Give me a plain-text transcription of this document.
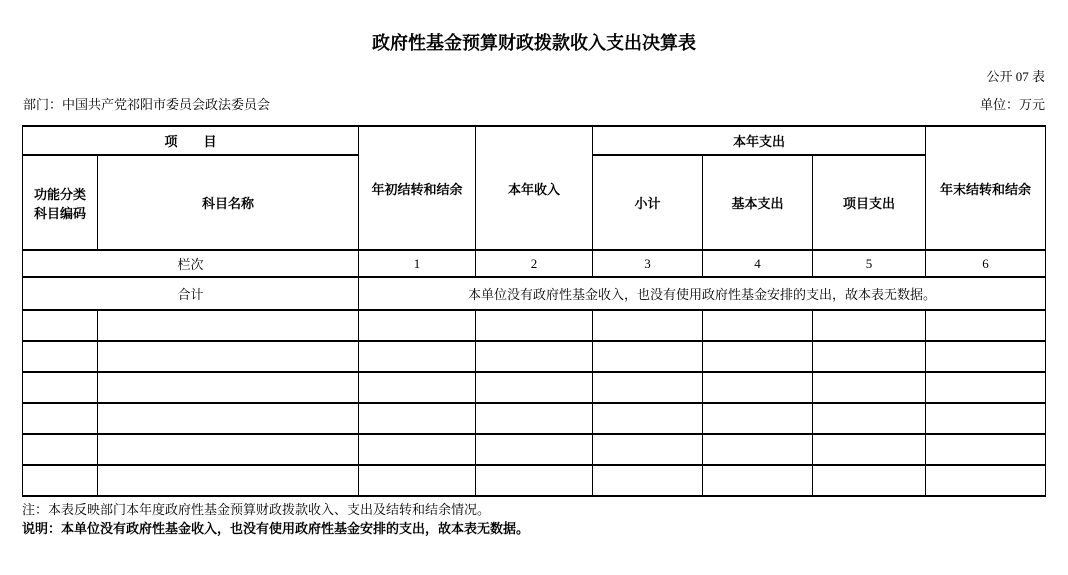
政府性基金预算财政拨款收入支出决算表
公开 07 表
部门：中国共产党祁阳市委员会政法委员会	单位：万元
项　　目		年初结转和结余	本年收入	本年支出			年末结转和结余
功能分类
科目编码	科目名称			小计	基本支出	项目支出	
栏次		1	2	3	4	5	6
合计		本单位没有政府性基金收入，也没有使用政府性基金安排的支出，故本表无数据。					

注：本表反映部门本年度政府性基金预算财政拨款收入、支出及结转和结余情况。
说明：本单位没有政府性基金收入，也没有使用政府性基金安排的支出，故本表无数据。
